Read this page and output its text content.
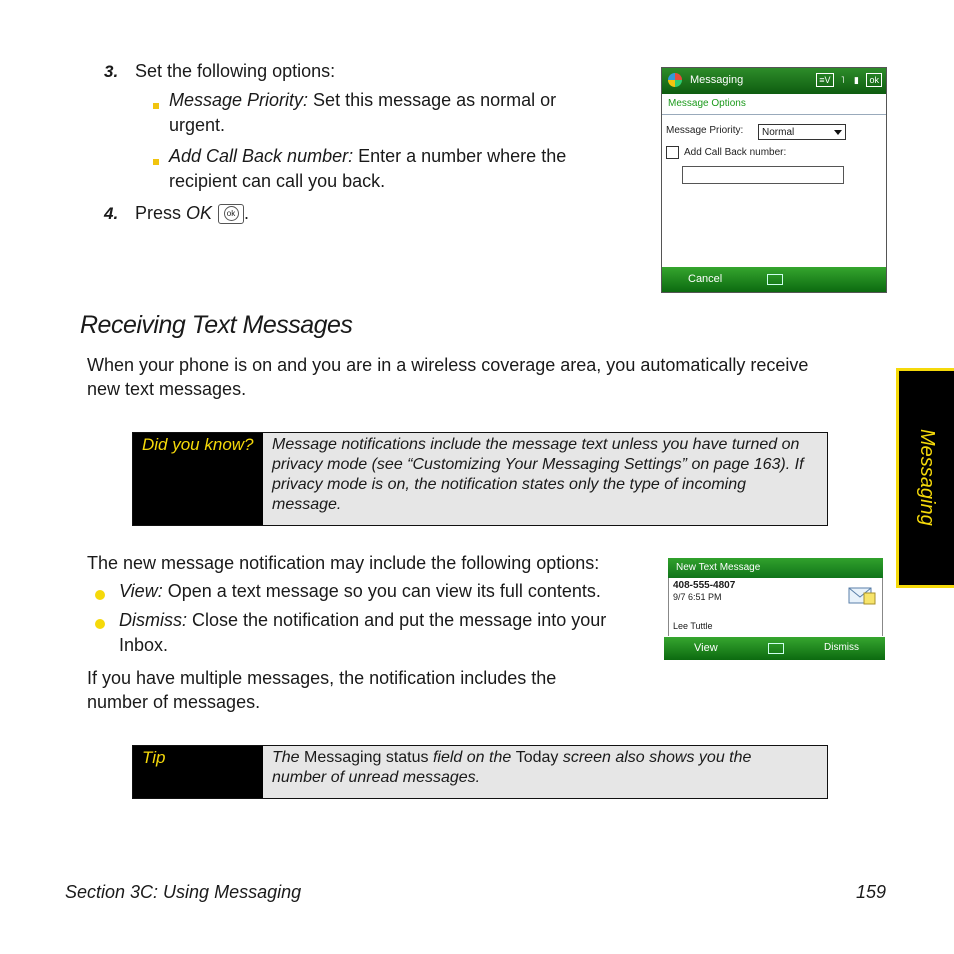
3. Set the following options:
Message Priority: Set this message as normal or
urgent.
Add Call Back number: Enter a number where the
recipient can call you back.
4. Press OK ok .
Messaging	≡V ˥ ▮ ok
Message Options
Message Priority:	Normal
Add Call Back number:
Cancel
Receiving Text Messages
When your phone is on and you are in a wireless coverage area, you automatically receive
new text messages.
Did you know?	Message notifications include the message text unless you have turned on
privacy mode (see “Customizing Your Messaging Settings” on page 163). If
privacy mode is on, the notification states only the type of incoming
message.
The new message notification may include the following options:
View: Open a text message so you can view its full contents.
Dismiss: Close the notification and put the message into your
Inbox.
New Text Message
408-555-4807
9/7 6:51 PM
Lee Tuttle
View	Dismiss
If you have multiple messages, the notification includes the
number of messages.
Tip	The Messaging status field on the Today screen also shows you the
number of unread messages.
Messaging
Section 3C: Using Messaging	159
